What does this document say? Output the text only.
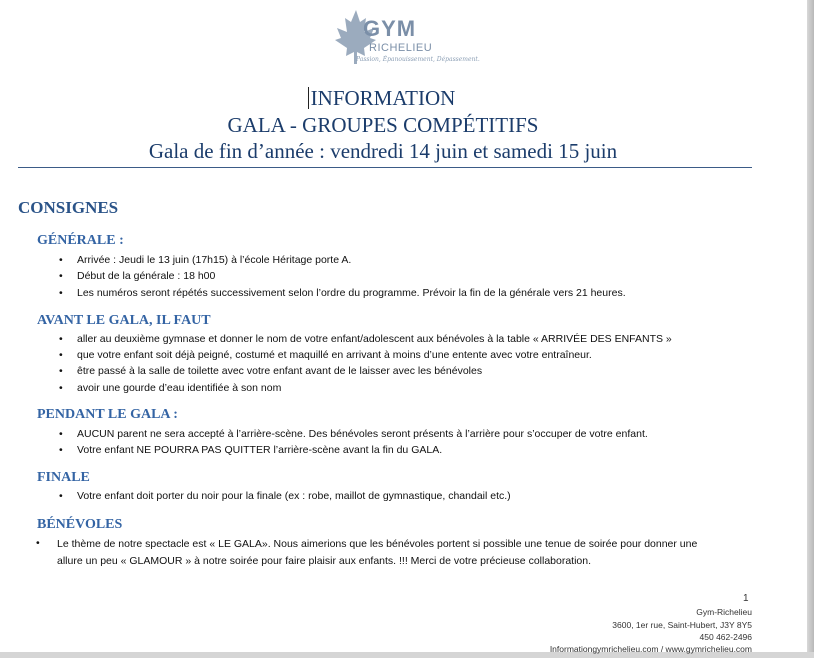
GYM
RICHELIEU
Passion, Épanouissement, Dépassement.
INFORMATION
GALA - GROUPES COMPÉTITIFS
Gala de fin d’année : vendredi 14 juin et samedi 15 juin
CONSIGNES
GÉNÉRALE :
• Arrivée : Jeudi le 13 juin (17h15) à l’école Héritage porte A.
• Début de la générale : 18 h00
• Les numéros seront répétés successivement selon l’ordre du programme. Prévoir la fin de la générale vers 21 heures.
AVANT LE GALA, IL FAUT
• aller au deuxième gymnase et donner le nom de votre enfant/adolescent aux bénévoles à la table « ARRIVÉE DES ENFANTS »
• que votre enfant soit déjà peigné, costumé et maquillé en arrivant à moins d’une entente avec votre entraîneur.
• être passé à la salle de toilette avec votre enfant avant de le laisser avec les bénévoles
• avoir une gourde d’eau identifiée à son nom
PENDANT LE GALA :
• AUCUN parent ne sera accepté à l’arrière-scène. Des bénévoles seront présents à l’arrière pour s’occuper de votre enfant.
• Votre enfant NE POURRA PAS QUITTER l’arrière-scène avant la fin du GALA.
FINALE
• Votre enfant doit porter du noir pour la finale (ex : robe, maillot de gymnastique, chandail etc.)
BÉNÉVOLES
• Le thème de notre spectacle est « LE GALA». Nous aimerions que les bénévoles portent si possible une tenue de soirée pour donner une
allure un peu « GLAMOUR » à notre soirée pour faire plaisir aux enfants. !!! Merci de votre précieuse collaboration.
1
Gym-Richelieu
3600, 1er rue, Saint-Hubert, J3Y 8Y5
450 462-2496
Informationgymrichelieu.com / www.gymrichelieu.com
